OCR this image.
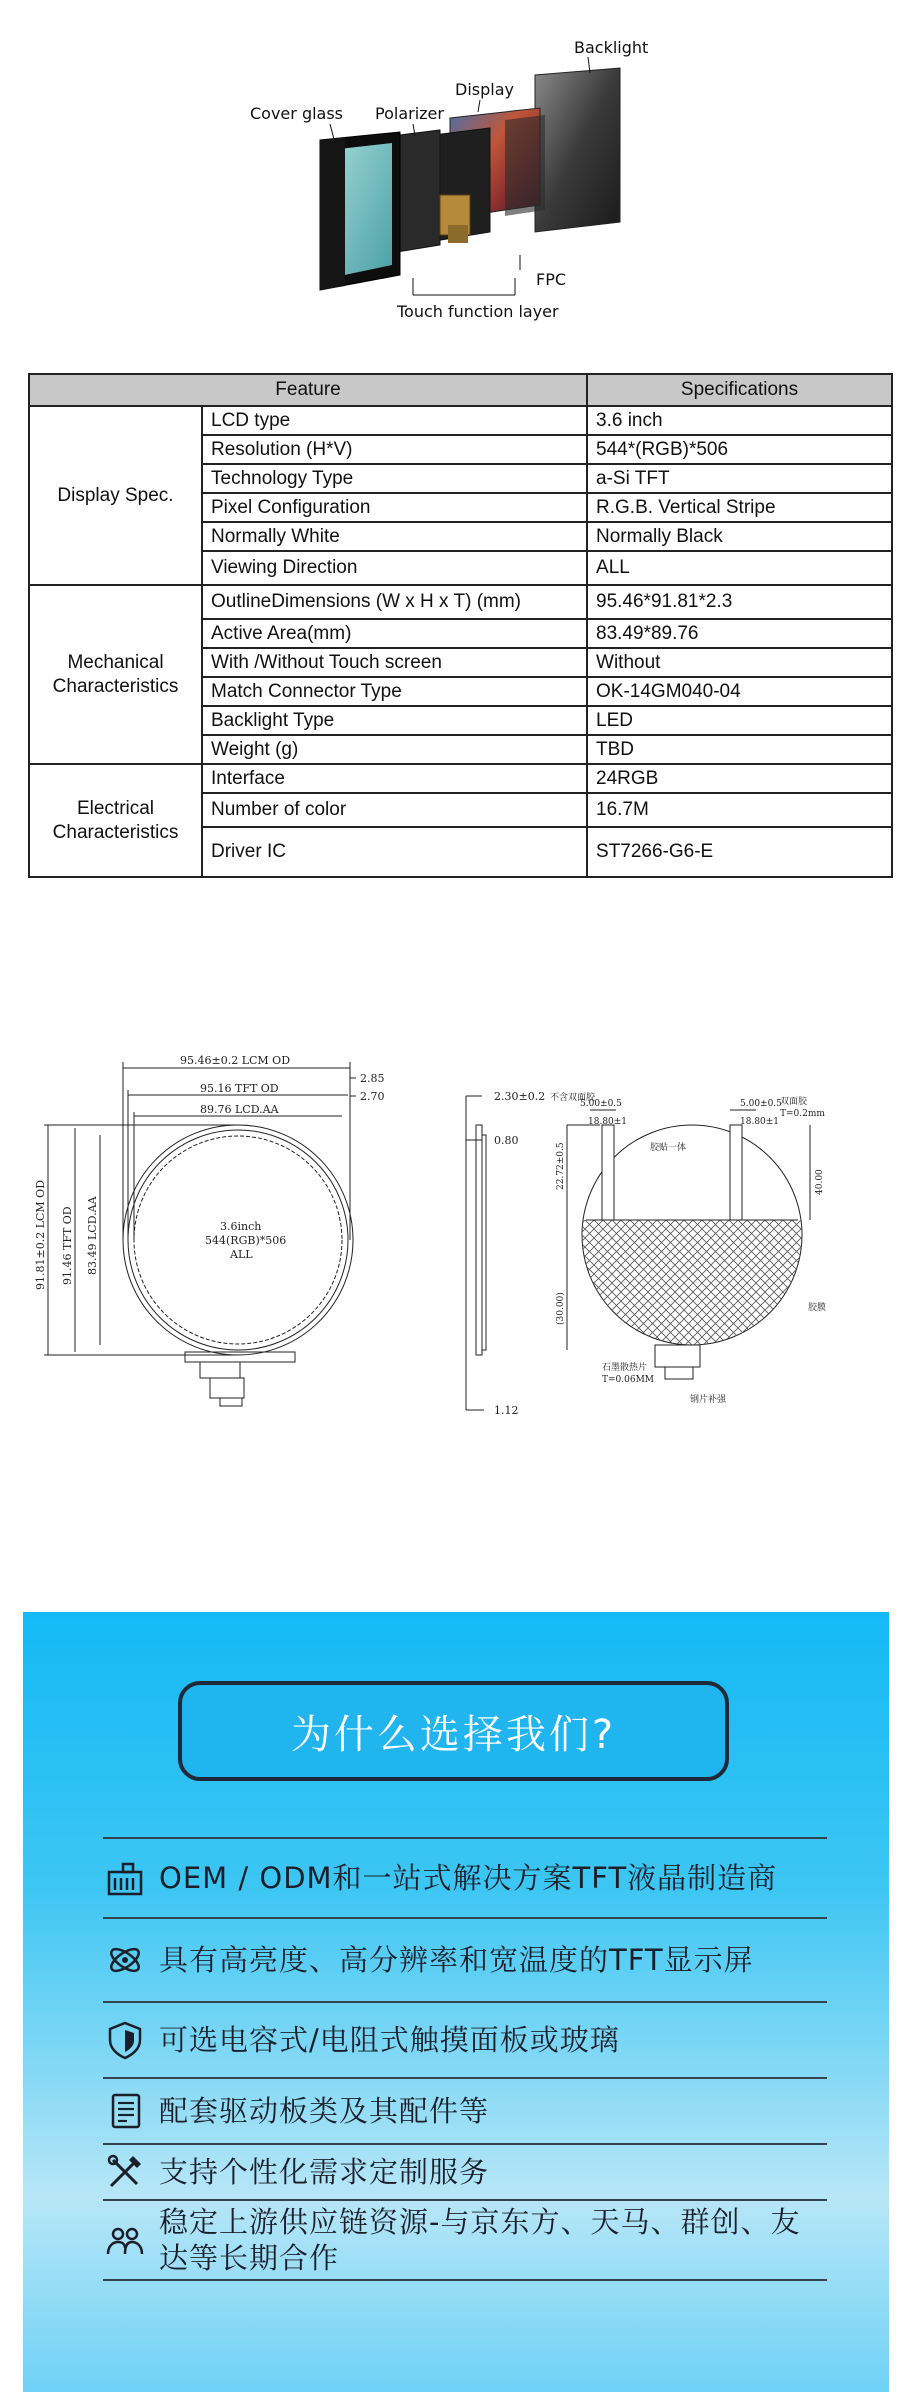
Backlight
Display
Polarizer
Cover glass
FPC
Touch function layer
Feature		Specifications
Display Spec.	LCD type	3.6 inch
	Resolution (H*V)	544*(RGB)*506
	Technology Type	a-Si TFT
	Pixel Configuration	R.G.B. Vertical Stripe
	Normally White	Normally Black
	Viewing Direction	ALL
Mechanical Characteristics	OutlineDimensions (W x H x T) (mm)	95.46*91.81*2.3
	Active Area(mm)	83.49*89.76
	With /Without Touch screen	Without
	Match Connector Type	OK-14GM040-04
	Backlight Type	LED
	Weight (g)	TBD
Electrical Characteristics	Interface	24RGB
	Number of color	16.7M
	Driver IC	ST7266-G6-E
95.46±0.2 LCM OD
95.16 TFT OD
89.76 LCD.AA
2.85
2.70
91.81±0.2 LCM OD 91.46 TFT OD 83.49 LCD.AA	3.6inch
544(RGB)*506
ALL
2.30±0.2 不含双面胶
0.80
1.12
5.00±0.5	5.00±0.5
18.80±1	18.80±1
双面胶
T=0.2mm
胶贴一体
22.72±0.5	40.00
(30.00)	胶膜
石墨散热片
T=0.06MM
钢片补强
为什么选择我们?
OEM / ODM和一站式解决方案TFT液晶制造商
具有高亮度、高分辨率和宽温度的TFT显示屏
可选电容式/电阻式触摸面板或玻璃
配套驱动板类及其配件等
支持个性化需求定制服务
稳定上游供应链资源-与京东方、天马、群创、友达等长期合作
